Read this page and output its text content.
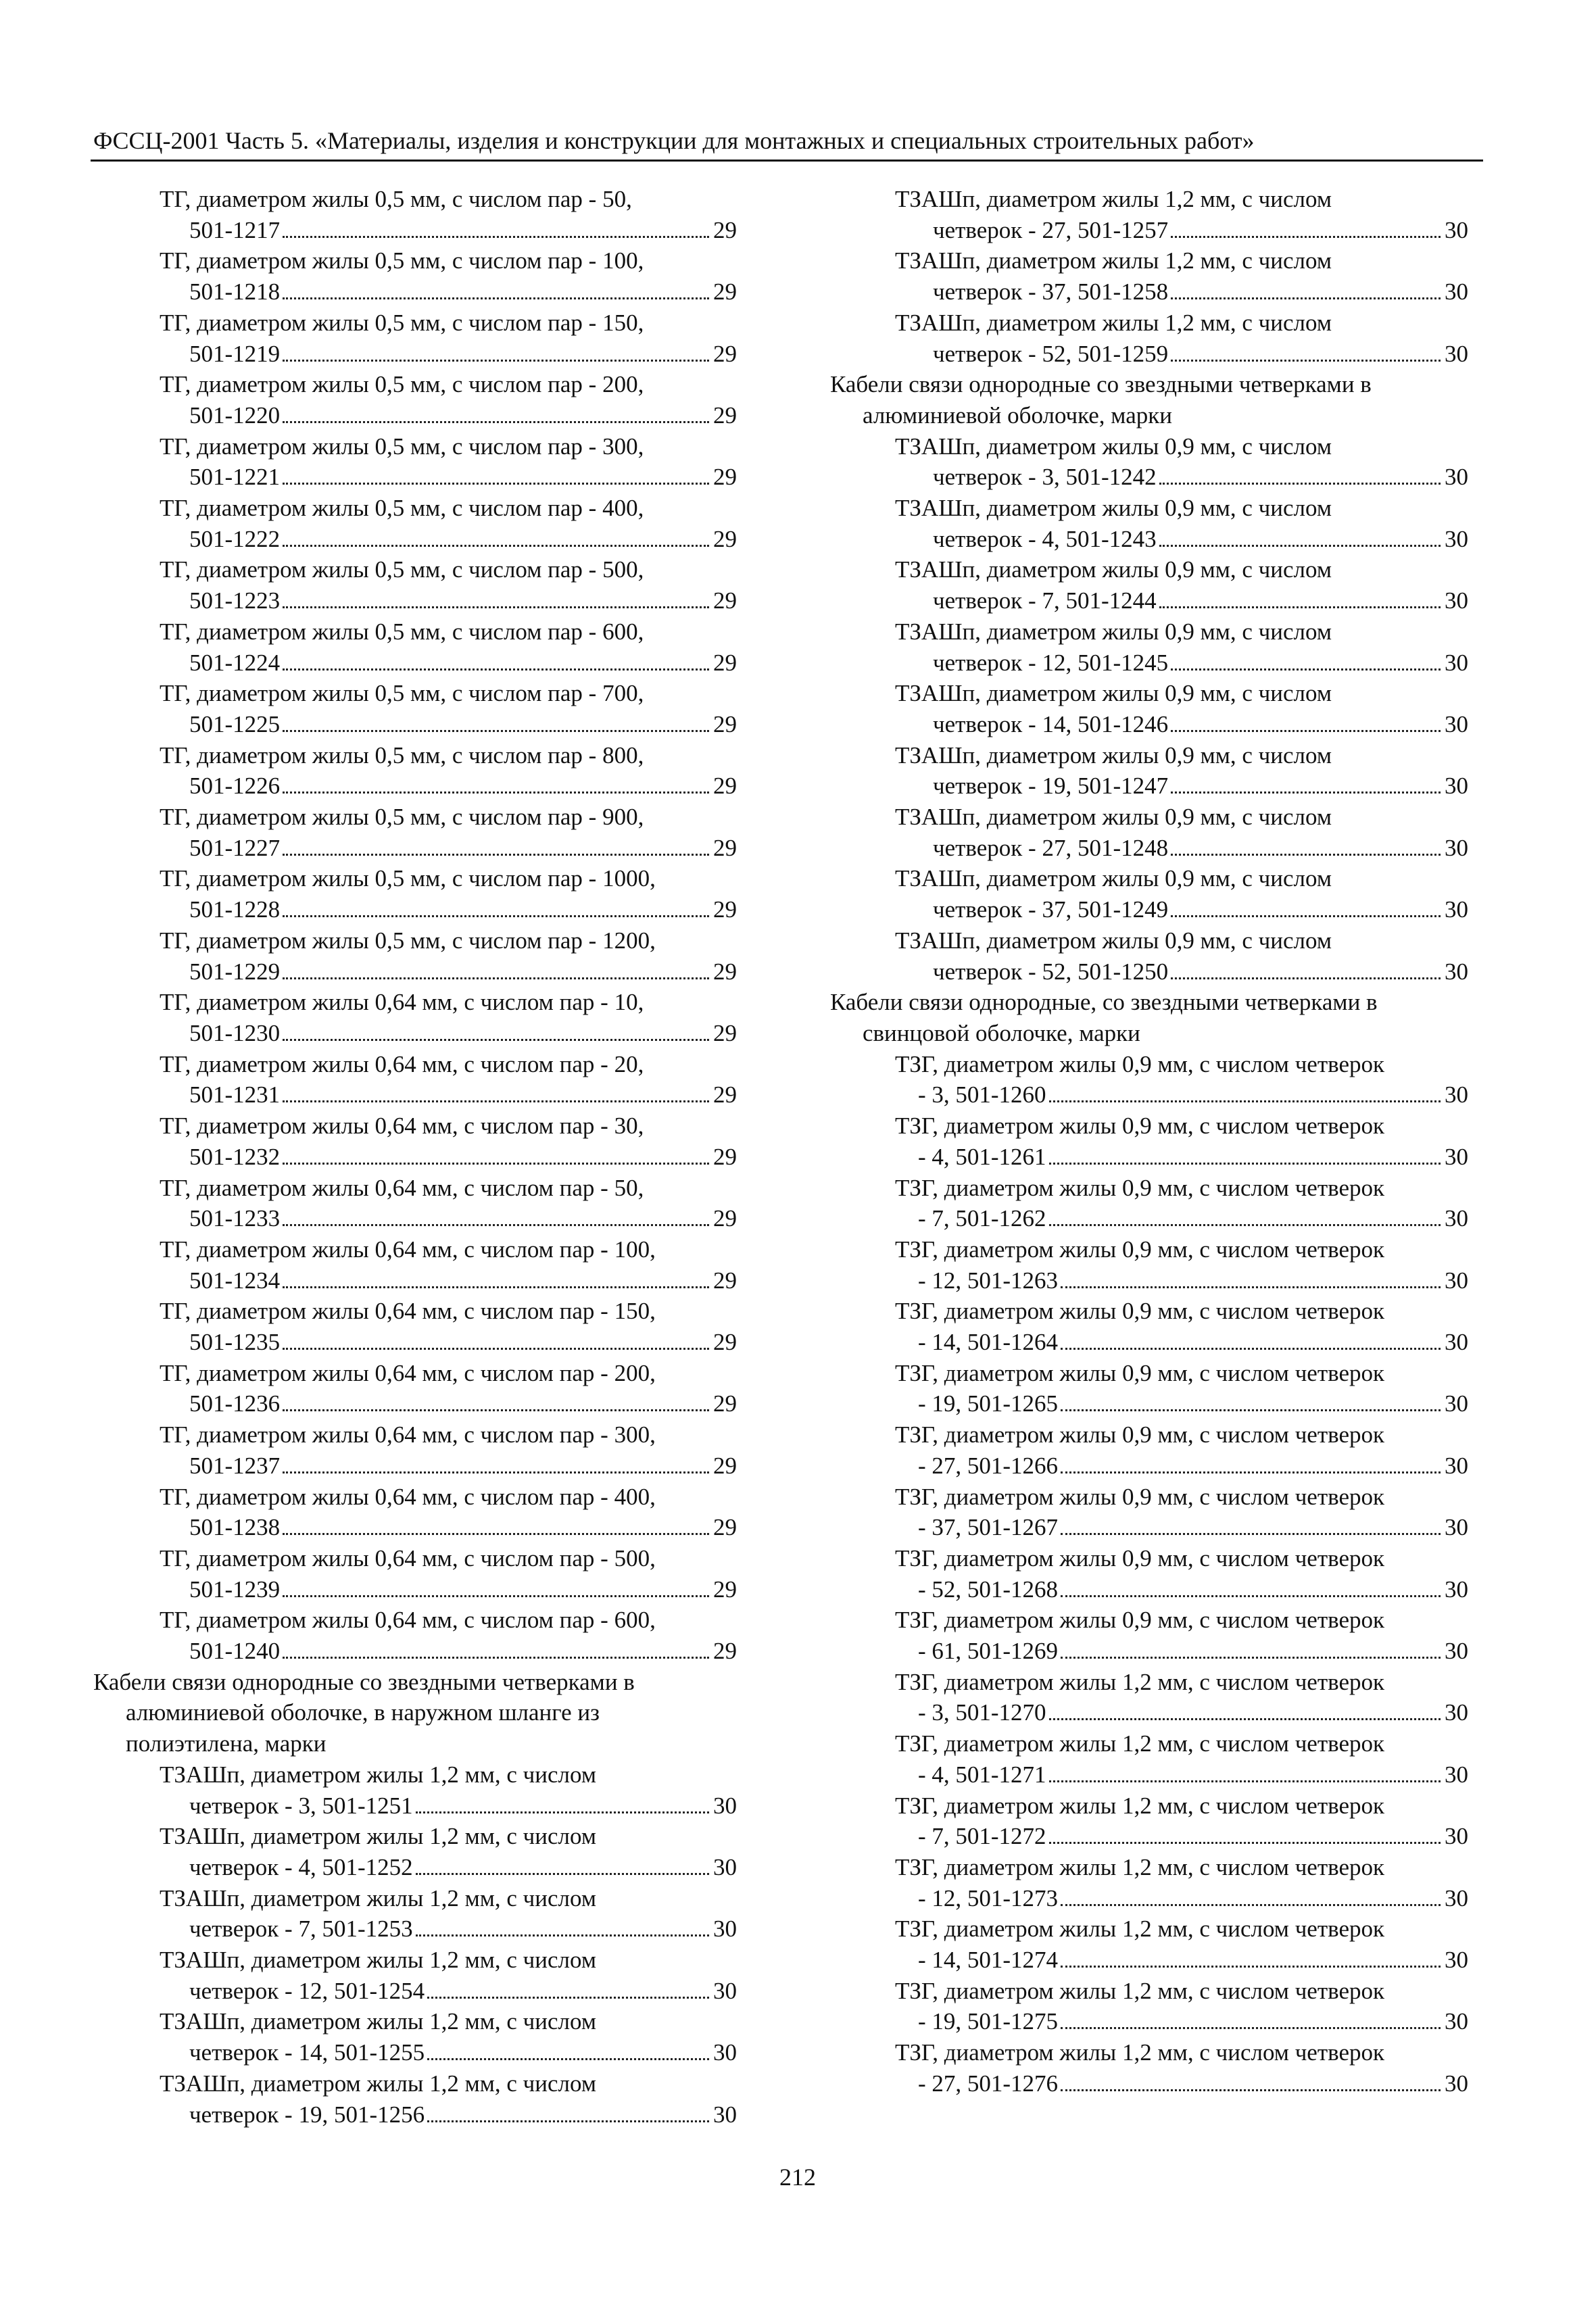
ФССЦ-2001 Часть 5. «Материалы, изделия и конструкции для монтажных и специальных строительных работ»
ТГ, диаметром жилы 0,5 мм, с числом пар - 50,
501-1217	29
ТГ, диаметром жилы 0,5 мм, с числом пар - 100,
501-1218	29
ТГ, диаметром жилы 0,5 мм, с числом пар - 150,
501-1219	29
ТГ, диаметром жилы 0,5 мм, с числом пар - 200,
501-1220	29
ТГ, диаметром жилы 0,5 мм, с числом пар - 300,
501-1221	29
ТГ, диаметром жилы 0,5 мм, с числом пар - 400,
501-1222	29
ТГ, диаметром жилы 0,5 мм, с числом пар - 500,
501-1223	29
ТГ, диаметром жилы 0,5 мм, с числом пар - 600,
501-1224	29
ТГ, диаметром жилы 0,5 мм, с числом пар - 700,
501-1225	29
ТГ, диаметром жилы 0,5 мм, с числом пар - 800,
501-1226	29
ТГ, диаметром жилы 0,5 мм, с числом пар - 900,
501-1227	29
ТГ, диаметром жилы 0,5 мм, с числом пар - 1000,
501-1228	29
ТГ, диаметром жилы 0,5 мм, с числом пар - 1200,
501-1229	29
ТГ, диаметром жилы 0,64 мм, с числом пар - 10,
501-1230	29
ТГ, диаметром жилы 0,64 мм, с числом пар - 20,
501-1231	29
ТГ, диаметром жилы 0,64 мм, с числом пар - 30,
501-1232	29
ТГ, диаметром жилы 0,64 мм, с числом пар - 50,
501-1233	29
ТГ, диаметром жилы 0,64 мм, с числом пар - 100,
501-1234	29
ТГ, диаметром жилы 0,64 мм, с числом пар - 150,
501-1235	29
ТГ, диаметром жилы 0,64 мм, с числом пар - 200,
501-1236	29
ТГ, диаметром жилы 0,64 мм, с числом пар - 300,
501-1237	29
ТГ, диаметром жилы 0,64 мм, с числом пар - 400,
501-1238	29
ТГ, диаметром жилы 0,64 мм, с числом пар - 500,
501-1239	29
ТГ, диаметром жилы 0,64 мм, с числом пар - 600,
501-1240	29
Кабели связи однородные со звездными четверками в
алюминиевой оболочке, в наружном шланге из
полиэтилена, марки
ТЗАШп, диаметром жилы 1,2 мм, с числом
четверок - 3, 501-1251	30
ТЗАШп, диаметром жилы 1,2 мм, с числом
четверок - 4, 501-1252	30
ТЗАШп, диаметром жилы 1,2 мм, с числом
четверок - 7, 501-1253	30
ТЗАШп, диаметром жилы 1,2 мм, с числом
четверок - 12, 501-1254	30
ТЗАШп, диаметром жилы 1,2 мм, с числом
четверок - 14, 501-1255	30
ТЗАШп, диаметром жилы 1,2 мм, с числом
четверок - 19, 501-1256	30
ТЗАШп, диаметром жилы 1,2 мм, с числом
четверок - 27, 501-1257	30
ТЗАШп, диаметром жилы 1,2 мм, с числом
четверок - 37, 501-1258	30
ТЗАШп, диаметром жилы 1,2 мм, с числом
четверок - 52, 501-1259	30
Кабели связи однородные со звездными четверками в
алюминиевой оболочке, марки
ТЗАШп, диаметром жилы 0,9 мм, с числом
четверок - 3, 501-1242	30
ТЗАШп, диаметром жилы 0,9 мм, с числом
четверок - 4, 501-1243	30
ТЗАШп, диаметром жилы 0,9 мм, с числом
четверок - 7, 501-1244	30
ТЗАШп, диаметром жилы 0,9 мм, с числом
четверок - 12, 501-1245	30
ТЗАШп, диаметром жилы 0,9 мм, с числом
четверок - 14, 501-1246	30
ТЗАШп, диаметром жилы 0,9 мм, с числом
четверок - 19, 501-1247	30
ТЗАШп, диаметром жилы 0,9 мм, с числом
четверок - 27, 501-1248	30
ТЗАШп, диаметром жилы 0,9 мм, с числом
четверок - 37, 501-1249	30
ТЗАШп, диаметром жилы 0,9 мм, с числом
четверок - 52, 501-1250	30
Кабели связи однородные, со звездными четверками в
свинцовой оболочке, марки
ТЗГ, диаметром жилы 0,9 мм, с числом четверок
- 3, 501-1260	30
ТЗГ, диаметром жилы 0,9 мм, с числом четверок
- 4, 501-1261	30
ТЗГ, диаметром жилы 0,9 мм, с числом четверок
- 7, 501-1262	30
ТЗГ, диаметром жилы 0,9 мм, с числом четверок
- 12, 501-1263	30
ТЗГ, диаметром жилы 0,9 мм, с числом четверок
- 14, 501-1264	30
ТЗГ, диаметром жилы 0,9 мм, с числом четверок
- 19, 501-1265	30
ТЗГ, диаметром жилы 0,9 мм, с числом четверок
- 27, 501-1266	30
ТЗГ, диаметром жилы 0,9 мм, с числом четверок
- 37, 501-1267	30
ТЗГ, диаметром жилы 0,9 мм, с числом четверок
- 52, 501-1268	30
ТЗГ, диаметром жилы 0,9 мм, с числом четверок
- 61, 501-1269	30
ТЗГ, диаметром жилы 1,2 мм, с числом четверок
- 3, 501-1270	30
ТЗГ, диаметром жилы 1,2 мм, с числом четверок
- 4, 501-1271	30
ТЗГ, диаметром жилы 1,2 мм, с числом четверок
- 7, 501-1272	30
ТЗГ, диаметром жилы 1,2 мм, с числом четверок
- 12, 501-1273	30
ТЗГ, диаметром жилы 1,2 мм, с числом четверок
- 14, 501-1274	30
ТЗГ, диаметром жилы 1,2 мм, с числом четверок
- 19, 501-1275	30
ТЗГ, диаметром жилы 1,2 мм, с числом четверок
- 27, 501-1276	30
212
